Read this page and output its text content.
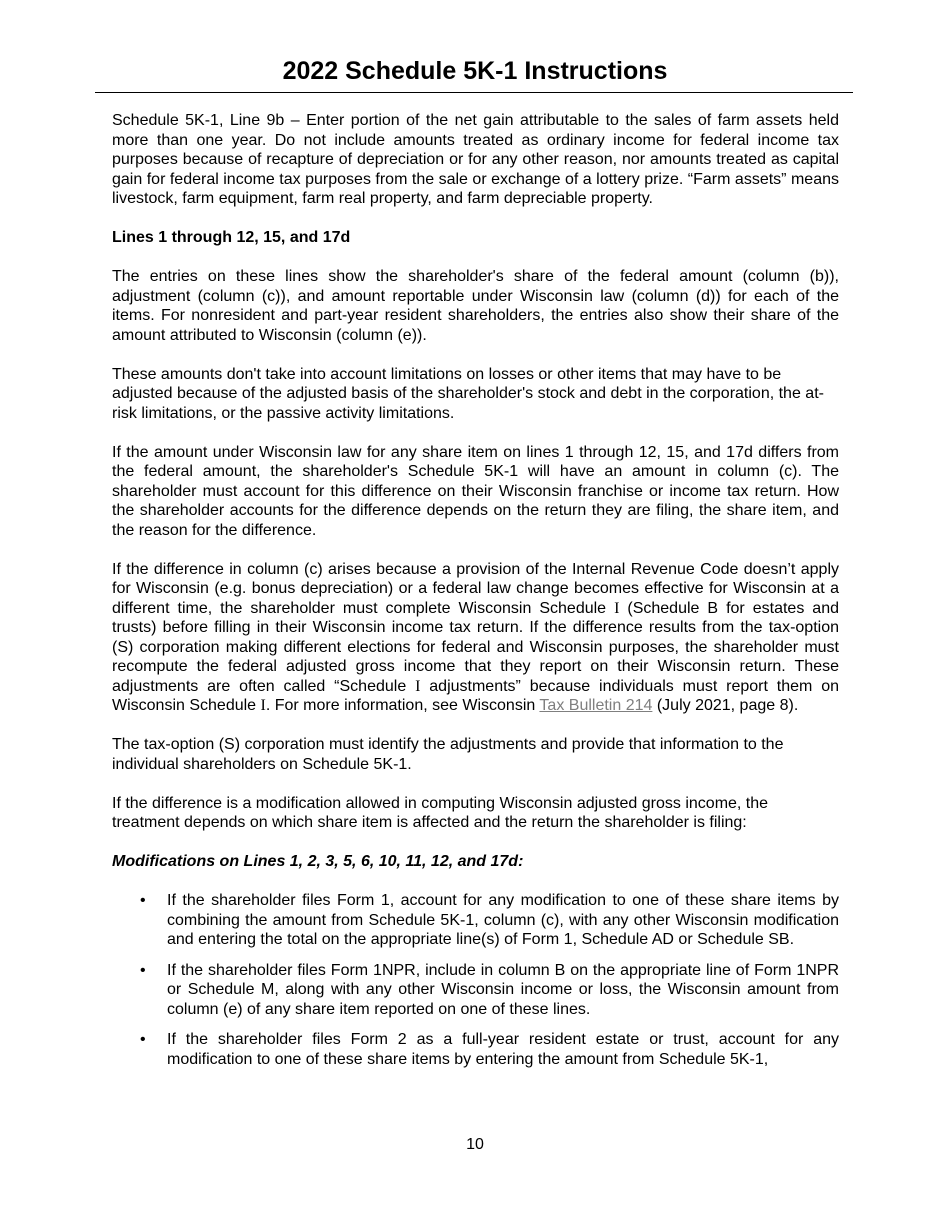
2022 Schedule 5K-1 Instructions

Schedule 5K-1, Line 9b – Enter portion of the net gain attributable to the sales of farm assets held more than one year. Do not include amounts treated as ordinary income for federal income tax purposes because of recapture of depreciation or for any other reason, nor amounts treated as capital gain for federal income tax purposes from the sale or exchange of a lottery prize. “Farm assets” means livestock, farm equipment, farm real property, and farm depreciable property.

Lines 1 through 12, 15, and 17d

The entries on these lines show the shareholder's share of the federal amount (column (b)), adjustment (column (c)), and amount reportable under Wisconsin law (column (d)) for each of the items. For nonresident and part-year resident shareholders, the entries also show their share of the amount attributed to Wisconsin (column (e)).

These amounts don't take into account limitations on losses or other items that may have to be adjusted because of the adjusted basis of the shareholder's stock and debt in the corporation, the at-risk limitations, or the passive activity limitations.

If the amount under Wisconsin law for any share item on lines 1 through 12, 15, and 17d differs from the federal amount, the shareholder's Schedule 5K-1 will have an amount in column (c). The shareholder must account for this difference on their Wisconsin franchise or income tax return. How the shareholder accounts for the difference depends on the return they are filing, the share item, and the reason for the difference.

If the difference in column (c) arises because a provision of the Internal Revenue Code doesn’t apply for Wisconsin (e.g. bonus depreciation) or a federal law change becomes effective for Wisconsin at a different time, the shareholder must complete Wisconsin Schedule I (Schedule B for estates and trusts) before filling in their Wisconsin income tax return. If the difference results from the tax-option (S) corporation making different elections for federal and Wisconsin purposes, the shareholder must recompute the federal adjusted gross income that they report on their Wisconsin return. These adjustments are often called “Schedule I adjustments” because individuals must report them on Wisconsin Schedule I. For more information, see Wisconsin Tax Bulletin 214 (July 2021, page 8).

The tax-option (S) corporation must identify the adjustments and provide that information to the individual shareholders on Schedule 5K-1.

If the difference is a modification allowed in computing Wisconsin adjusted gross income, the treatment depends on which share item is affected and the return the shareholder is filing:

Modifications on Lines 1, 2, 3, 5, 6, 10, 11, 12, and 17d:
• If the shareholder files Form 1, account for any modification to one of these share items by combining the amount from Schedule 5K-1, column (c), with any other Wisconsin modification and entering the total on the appropriate line(s) of Form 1, Schedule AD or Schedule SB.
• If the shareholder files Form 1NPR, include in column B on the appropriate line of Form 1NPR or Schedule M, along with any other Wisconsin income or loss, the Wisconsin amount from column (e) of any share item reported on one of these lines.
• If the shareholder files Form 2 as a full-year resident estate or trust, account for any modification to one of these share items by entering the amount from Schedule 5K-1,
10
